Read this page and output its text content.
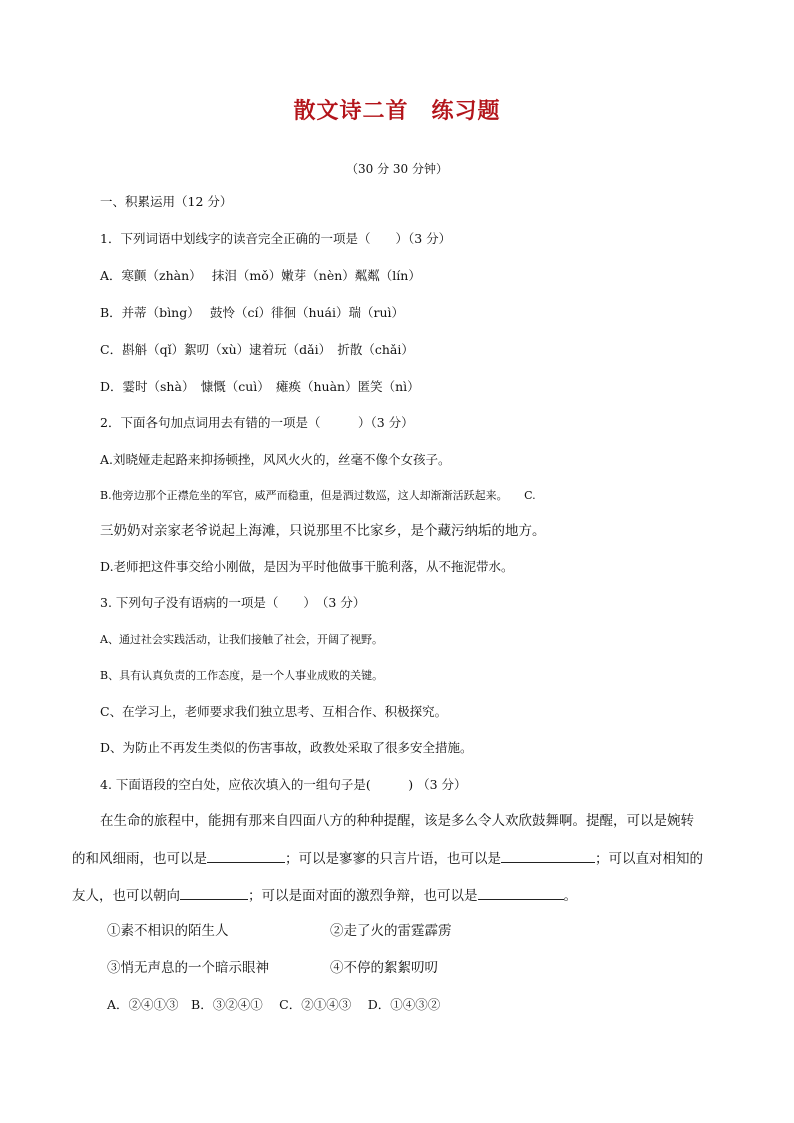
散文诗二首　练习题
（30 分 30 分钟）
一、积累运用（12 分）
1．下列词语中划线字的读音完全正确的一项是（　　）（3 分）
A．寒颤（zhàn）　 抹泪（mǒ）嫩芽（nèn）粼粼（lín）
B．并蒂（bìng）　 鼓怜（cí）徘徊（huái）瑞（ruì）
C．斟斛（qǐ）絮叨（xù）逮着玩（dǎi）　折散（chǎi）
D．霎时（shà）　慷慨（cuì）　瘫痪（huàn）匿笑（nì）
2．下面各句加点词用去有错的一项是（　　　）（3 分）
A.刘晓娅走起路来抑扬顿挫，风风火火的，丝毫不像个女孩子。
B.他旁边那个正襟危坐的军官，威严而稳重，但是酒过数巡，这人却渐渐活跃起来。　　C.
三奶奶对亲家老爷说起上海滩，只说那里不比家乡，是个藏污纳垢的地方。
D.老师把这件事交给小刚做，是因为平时他做事干脆利落，从不拖泥带水。
3. 下列句子没有语病的一项是（　　）　（3 分）
A、通过社会实践活动，让我们接触了社会，开阔了视野。
B、具有认真负责的工作态度，是一个人事业成败的关键。
C、在学习上，老师要求我们独立思考、互相合作、积极探究。
D、为防止不再发生类似的伤害事故，政教处采取了很多安全措施。
4. 下面语段的空白处，应依次填入的一组句子是(　　　) （3 分）
在生命的旅程中，能拥有那来自四面八方的种种提醒，该是多么令人欢欣鼓舞啊。提醒，可以是婉转
的和风细雨，也可以是	；可以是寥寥的只言片语，也可以是	；可以直对相知的
友人，也可以朝向	；可以是面对面的激烈争辩，也可以是	。
①素不相识的陌生人	②走了火的雷霆霹雳
③悄无声息的一个暗示眼神	④不停的絮絮叨叨
A．②④①③　B．③②④①　 C．②①④③　 D．①④③②
